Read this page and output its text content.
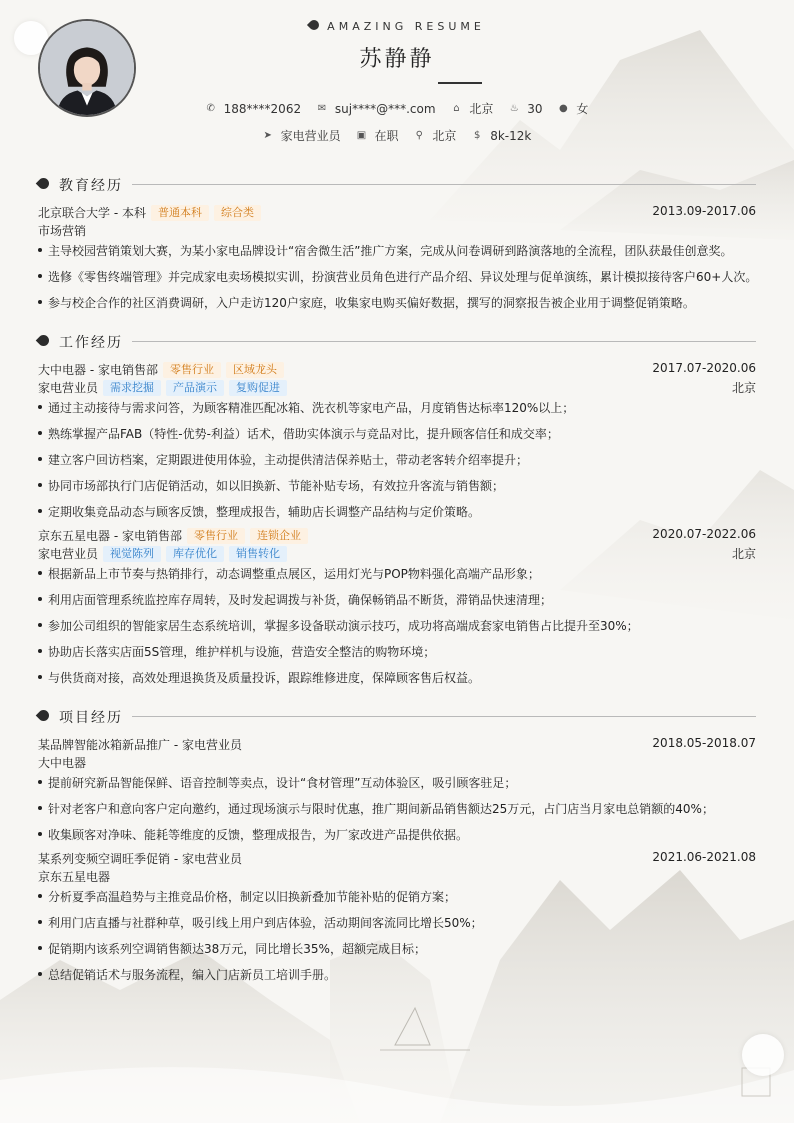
AMAZING RESUME
苏静静
✆ 188****2062 ✉ suj****@***.com ⌂ 北京 ♨ 30 ● 女
➤ 家电营业员 ▣ 在职 ⚲ 北京 $ 8k-12k
教育经历
北京联合大学 - 本科 普通本科 综合类	2013.09-2017.06
市场营销
主导校园营销策划大赛，为某小家电品牌设计“宿舍微生活”推广方案，完成从问卷调研到路演落地的全流程，团队获最佳创意奖。
选修《零售终端管理》并完成家电卖场模拟实训，扮演营业员角色进行产品介绍、异议处理与促单演练，累计模拟接待客户60+人次。
参与校企合作的社区消费调研，入户走访120户家庭，收集家电购买偏好数据，撰写的洞察报告被企业用于调整促销策略。
工作经历
大中电器 - 家电销售部 零售行业 区域龙头	2017.07-2020.06
家电营业员 需求挖掘 产品演示 复购促进	北京
通过主动接待与需求问答，为顾客精准匹配冰箱、洗衣机等家电产品，月度销售达标率120%以上；
熟练掌握产品FAB（特性-优势-利益）话术，借助实体演示与竞品对比，提升顾客信任和成交率；
建立客户回访档案，定期跟进使用体验，主动提供清洁保养贴士，带动老客转介绍率提升；
协同市场部执行门店促销活动，如以旧换新、节能补贴专场，有效拉升客流与销售额；
定期收集竞品动态与顾客反馈，整理成报告，辅助店长调整产品结构与定价策略。
京东五星电器 - 家电销售部 零售行业 连锁企业	2020.07-2022.06
家电营业员 视觉陈列 库存优化 销售转化	北京
根据新品上市节奏与热销排行，动态调整重点展区，运用灯光与POP物料强化高端产品形象；
利用店面管理系统监控库存周转，及时发起调拨与补货，确保畅销品不断货，滞销品快速清理；
参加公司组织的智能家居生态系统培训，掌握多设备联动演示技巧，成功将高端成套家电销售占比提升至30%；
协助店长落实店面5S管理，维护样机与设施，营造安全整洁的购物环境；
与供货商对接，高效处理退换货及质量投诉，跟踪维修进度，保障顾客售后权益。
项目经历
某品牌智能冰箱新品推广 - 家电营业员	2018.05-2018.07
大中电器
提前研究新品智能保鲜、语音控制等卖点，设计“食材管理”互动体验区，吸引顾客驻足；
针对老客户和意向客户定向邀约，通过现场演示与限时优惠，推广期间新品销售额达25万元，占门店当月家电总销额的40%；
收集顾客对净味、能耗等维度的反馈，整理成报告，为厂家改进产品提供依据。
某系列变频空调旺季促销 - 家电营业员	2021.06-2021.08
京东五星电器
分析夏季高温趋势与主推竞品价格，制定以旧换新叠加节能补贴的促销方案；
利用门店直播与社群种草，吸引线上用户到店体验，活动期间客流同比增长50%；
促销期内该系列空调销售额达38万元，同比增长35%，超额完成目标；
总结促销话术与服务流程，编入门店新员工培训手册。
